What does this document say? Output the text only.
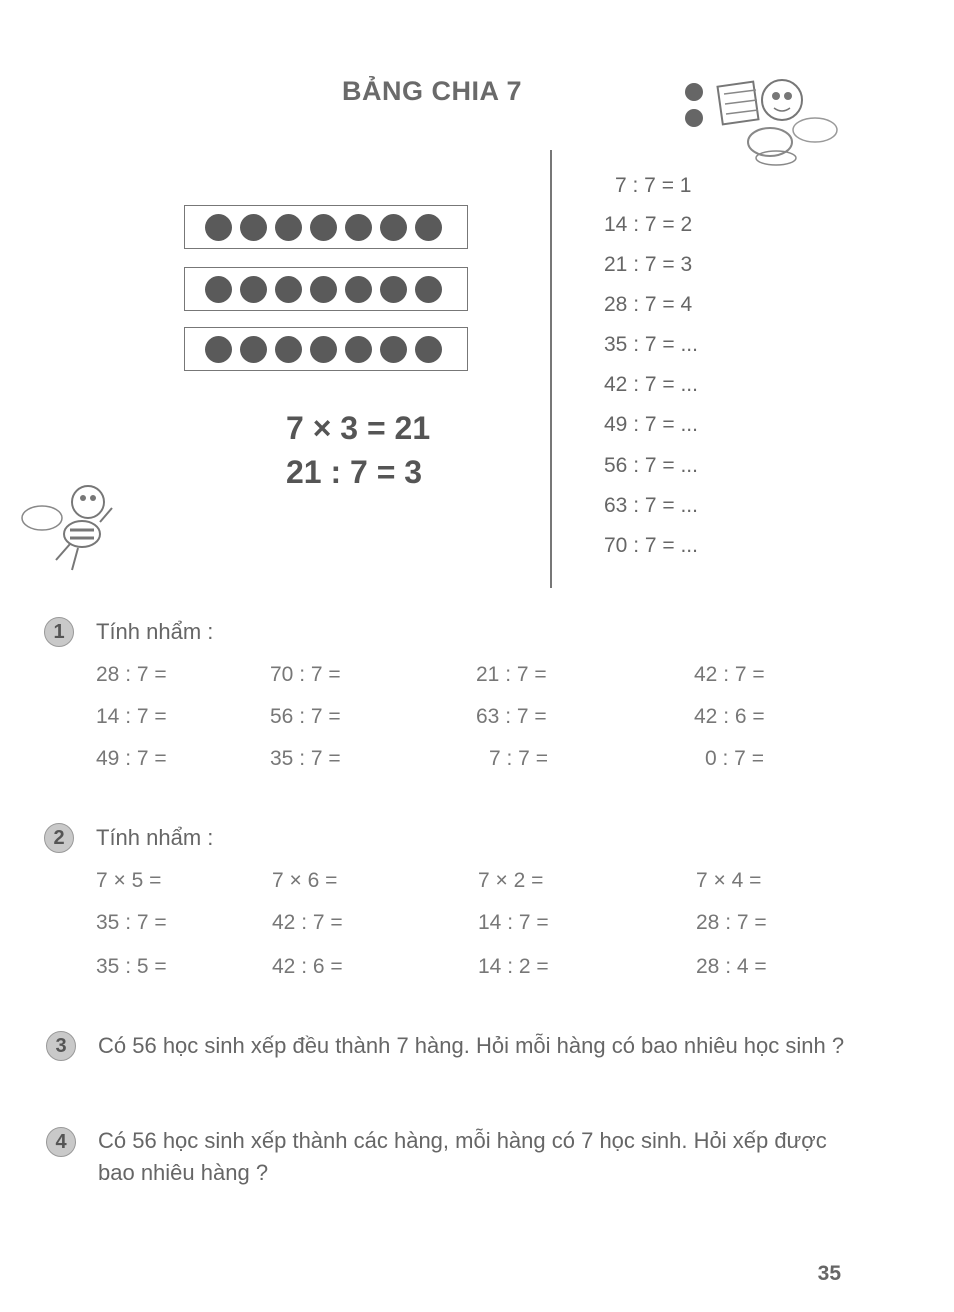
BẢNG CHIA 7
7 × 3 = 21
21 : 7 = 3
7 : 7 = 1
14 : 7 = 2
21 : 7 = 3
28 : 7 = 4
35 : 7 = ...
42 : 7 = ...
49 : 7 = ...
56 : 7 = ...
63 : 7 = ...
70 : 7 = ...
1	Tính nhẩm :
28 : 7 =	70 : 7 =	21 : 7 =	42 : 7 =
14 : 7 =	56 : 7 =	63 : 7 =	42 : 6 =
49 : 7 =	35 : 7 =	7 : 7 =	0 : 7 =
2	Tính nhẩm :
7 × 5 =	7 × 6 =	7 × 2 =	7 × 4 =
35 : 7 =	42 : 7 =	14 : 7 =	28 : 7 =
35 : 5 =	42 : 6 =	14 : 2 =	28 : 4 =
3	Có 56 học sinh xếp đều thành 7 hàng. Hỏi mỗi hàng có bao nhiêu học sinh ?
4	Có 56 học sinh xếp thành các hàng, mỗi hàng có 7 học sinh. Hỏi xếp được bao nhiêu hàng ?
35
